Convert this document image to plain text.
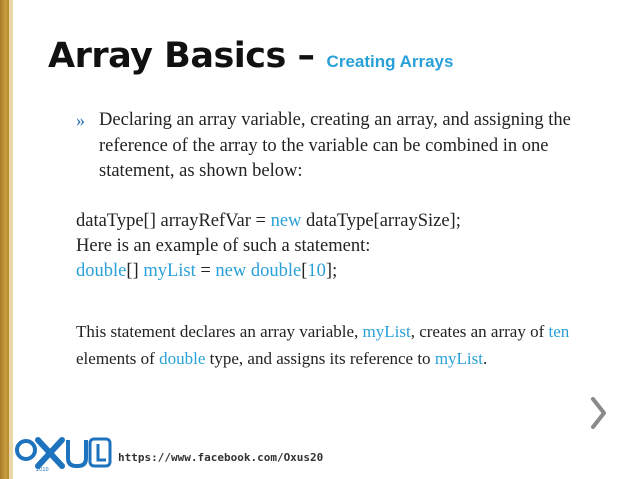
Array Basics – Creating Arrays
» Declaring an array variable, creating an array, and assigning the reference of the array to the variable can be combined in one statement, as shown below:
dataType[] arrayRefVar = new dataType[arraySize];
Here is an example of such a statement:
double[] myList = new double[10];
This statement declares an array variable, myList, creates an array of ten elements of double type, and assigns its reference to myList.
2010
https://www.facebook.com/Oxus20
